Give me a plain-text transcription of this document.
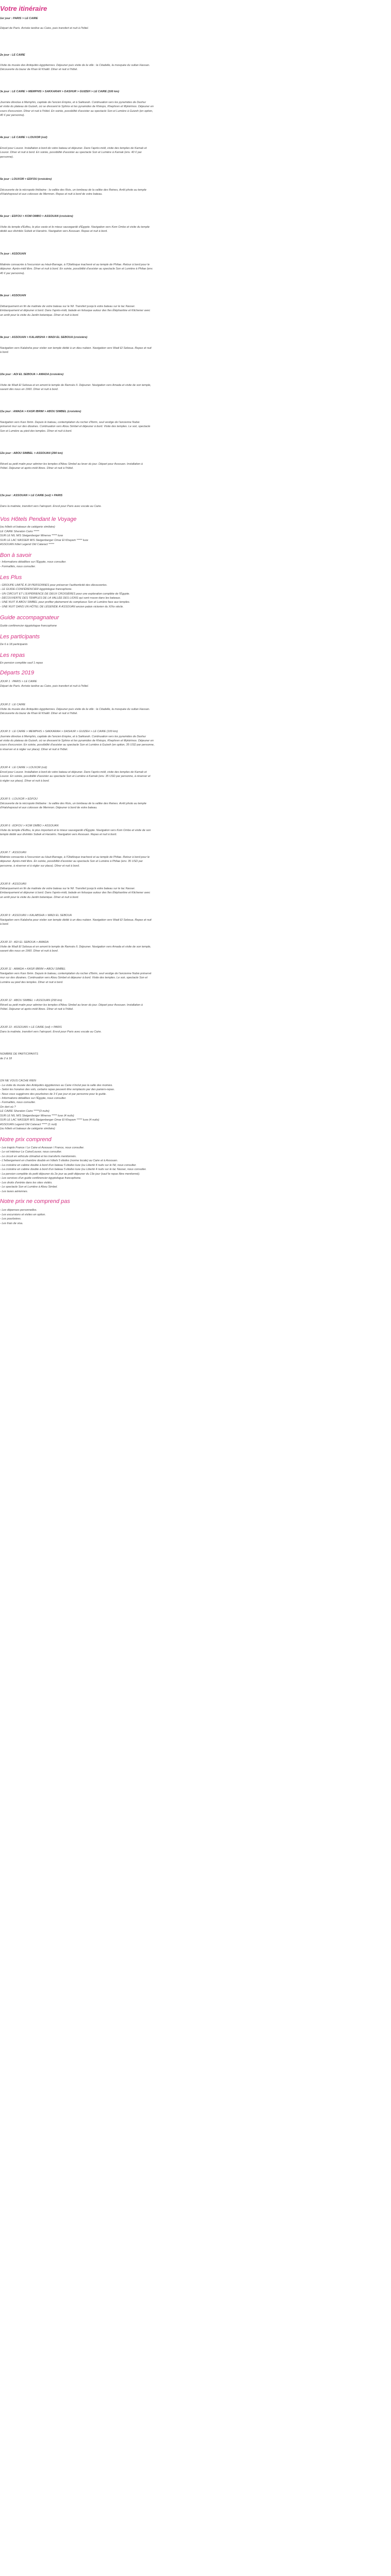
Votre itinéraire

1er jour : PARIS > LE CAIRE

Départ de Paris. Arrivée tardive au Caire, puis transfert et nuit à l'hôtel.

2e jour : LE CAIRE

Visite du musée des Antiquités égyptiennes. Déjeuner puis visite de la ville : la Citadelle, la mosquée du sultan Hassan.

Découverte du bazar de Khan El Khalili. Dîner et nuit à l'hôtel.

3e jour : LE CAIRE > MEMPHIS > SAKKARAH > DASHUR > GUIZEH > LE CAIRE (100 km)

Journée dévolue à Memphis, capitale de l'ancien Empire, et à Sakkarah. Continuation vers les pyramides de Dashur

et visite du plateau de Guizeh, où se dressent le Sphinx et les pyramides de Khéops, Khephren et Mykérinos. Déjeuner en

cours d'excursion. Dîner et nuit à l'hôtel. En soirée, possibilité d'assister au spectacle Son et Lumière à Guizeh (en option,

40 € par personne).

4e jour : LE CAIRE > LOUXOR (vol)

Envol pour Louxor. Installation à bord de votre bateau et déjeuner. Dans l'après-midi, visite des temples de Karnak et

Louxor. Dîner et nuit à bord. En soirée, possibilité d'assister au spectacle Son et Lumière à Karnak (env. 40 € par

personne).

5e jour : LOUXOR > EDFOU (croisière)

Découverte de la nécropole thébaine : la vallée des Rois, un tombeau de la vallée des Reines, Arrêt photo au temple

d'Hatshepsout et aux colosses de Memnon. Repas et nuit à bord de votre bateau.

6e jour : EDFOU > KOM OMBO > ASSOUAN (croisière)

Visite du temple d'Edfou, le plus vaste et le mieux sauvegardé d'Égypte. Navigation vers Kom Ombo et visite du temple

dédié aux divinités Sobek et Haroéris. Navigation vers Assouan. Repas et nuit à bord.

7e jour : ASSOUAN

Matinée consacrée à l'excursion au Haut-Barrage, à l'Obélisque inachevé et au temple de Philae. Retour à bord pour le

déjeuner. Après-midi libre. Dîner et nuit à bord. En soirée, possibilité d'assister au spectacle Son et Lumière à Philae (env.

40 € par personne).

8e jour : ASSOUAN

Débarquement en fin de matinée de votre bateau sur le Nil. Transfert jusqu'à votre bateau sur le lac Nasser.

Embarquement et déjeuner à bord. Dans l'après-midi, balade en felouque autour des îles Éléphantine et Kitchener avec

un arrêt pour la visite du Jardin botanique. Dîner et nuit à bord.

9e jour : ASSOUAN > KALABSHA > WADI EL SEBOUA (croisière)

Navigation vers Kalabsha pour visiter son temple dédié à un dieu nubien. Navigation vers Wadi El Seboua. Repas et nuit

à bord.

10e jour : ADI EL SEBOUA > AMADA (croisière)

Visite de Wadi El Seboua et en amont le temple de Ramsès II. Déjeuner. Navigation vers Amada et visite de son temple,

savant dès nous en 1960. Dîner et nuit à bord.

11e jour : AMADA > KASR IBRIM > ABOU SIMBEL (croisière)

Navigation vers Kasr Ibrim. Depuis le bateau, contemplation du rocher d'Ibrim, seul vestige de l'ancienne Nubie

préservé mur sur des dizaines. Continuation vers Abou Simbel et déjeuner à bord. Visite des temples. Le soir, spectacle

Son et Lumière au pied des temples. Dîner et nuit à bord.

12e jour : ABOU SIMBEL > ASSOUAN (290 km)

Réveil au petit matin pour admirer les temples d'Abou Simbel au lever du jour. Départ pour Assouan. Installation à

l'hôtel. Déjeuner et après-midi libres. Dîner et nuit à l'hôtel.

13e jour : ASSOUAN > LE CAIRE (vol) > PARIS

Dans la matinée, transfert vers l'aéroport. Envol pour Paris avec escale au Caire.

Vos Hôtels Pendant le Voyage

(ou hôtels et bateaux de catégorie similaire)

LE CAIRE Sheraton Cairo *****

SUR LE NIL M/S Steigenberger Minerva ***** luxe

SUR LE LAC NASSER M/S Steigenberger Omar El Khayam ***** luxe

ASSOUAN hôtel Legend Old Cataract *****

Bon à savoir

- Informations détaillées sur l'Égypte, nous consulter.

- Formalités, nous consulter.

Les Plus

- GROUPE LIMITÉ À 18 PERSONNES pour préserver l'authenticité des découvertes.

- LE GUIDE-CONFÉRENCIER égyptologue francophone.

- UN CIRCUIT ET L'EXPÉRIENCE DE DEUX CROISIÈRES pour une exploration complète de l'Égypte.

- DÉCOUVERTE DES TEMPLES DE LA VALLÉE DES LIONS qui sont rrouve dans les bateaux.

- UNE NUIT À ABOU SIMBEL pour profiter pleinement du somptueux Son et Lumière face aux temples.

- UNE NUIT DANS UN HÔTEL DE LÉGENDE À ASSOUAN ancien palais victorien du XIXe siècle.

Guide accompagnateur

Guide conférencier égyptologue francophone

Les participants

De 6 à 18 participants

Les repas

En pension complète sauf 1 repas

Départs 2019

JOUR 1 : PARIS > LE CAIRE

Départ de Paris. Arrivée tardive au Caire, puis transfert et nuit à l'hôtel.

JOUR 2 : LE CAIRE

Visite du musée des Antiquités égyptiennes. Déjeuner puis visite de la ville : la Citadelle, la mosquée du sultan Hassan.

Découverte du bazar de Khan El Khalili. Dîner et nuit à l'hôtel.

JOUR 3 : LE CAIRE > MEMPHIS > SAKKARAH > DASHUR > GUIZEH > LE CAIRE (100 km)

Journée dévolue à Memphis, capitale de l'ancien Empire, et à Sakkarah. Continuation vers les pyramides de Dashur

et visite du plateau de Guizeh, où se dressent le Sphinx et les pyramides de Khéops, Khephren et Mykérinos. Déjeuner en

cours d'excursion. En soirée, possibilité d'assister au spectacle Son et Lumière à Guizeh (en option, 35 USD par personne,

à réserver et à régler sur place). Dîner et nuit à l'hôtel.

JOUR 4 : LE CAIRE > LOUXOR (vol)

Envol pour Louxor. Installation à bord de votre bateau et déjeuner. Dans l'après-midi, visite des temples de Karnak et

Louxor. En soirée, possibilité d'assister au spectacle Son et Lumière à Karnak (env. 35 USD par personne, à réserver et

à régler sur place). Dîner et nuit à bord.

JOUR 5 : LOUXOR > EDFOU

Découverte de la nécropole thébaine : la vallée des Rois, un tombeau de la vallée des Reines. Arrêt photo au temple

d'Hatshepsout et aux colosses de Memnon. Déjeuner à bord de votre bateau.

JOUR 6 : EDFOU > KOM OMBO > ASSOUAN

Visite du temple d'Edfou, le plus important et le mieux sauvegardé d'Égypte. Navigation vers Kom Ombo et visite de son

temple dédié aux divinités Sobek et Haroéris. Navigation vers Assouan. Repas et nuit à bord.

JOUR 7 : ASSOUAN

Matinée consacrée à l'excursion au Haut-Barrage, à l'Obélisque inachevé et au temple de Philae. Retour à bord pour le

déjeuner. Après-midi libre. En soirée, possibilité d'assister au spectacle Son et Lumière à Philae (env. 35 USD par

personne, à réserver et à régler sur place). Dîner et nuit à bord.

JOUR 8 : ASSOUAN

Débarquement en fin de matinée de votre bateau sur le Nil. Transfert jusqu'à votre bateau sur le lac Nasser.

Embarquement et déjeuner à bord. Dans l'après-midi, balade en felouque autour des îles Éléphantine et Kitchener avec

un arrêt pour la visite du Jardin botanique. Dîner et nuit à bord.

JOUR 9 : ASSOUAN > KALABSHA > WADI EL SEBOUA

Navigation vers Kalabsha pour visiter son temple dédié à un dieu nubien. Navigation vers Wadi El Seboua. Repas et nuit

à bord.

JOUR 10 : ADI EL SEBOUA > AMADA

Visite de Wadi El Seboua et en amont le temple de Ramsès II. Déjeuner. Navigation vers Amada et visite de son temple,

savant dès nous en 1960. Dîner et nuit à bord.

JOUR 11 : AMADA > KASR IBRIM > ABOU SIMBEL

Navigation vers Kasr Ibrim. Depuis le bateau, contemplation du rocher d'Ibrim, seul vestige de l'ancienne Nubie préservé

mur sur des dizaines. Continuation vers Abou Simbel et déjeuner à bord. Visite des temples. Le soir, spectacle Son et

Lumière au pied des temples. Dîner et nuit à bord.

JOUR 12 : ABOU SIMBEL > ASSOUAN (290 km)

Réveil au petit matin pour admirer les temples d'Abou Simbel au lever du jour. Départ pour Assouan. Installation à

l'hôtel. Déjeuner et après-midi libres. Dîner et nuit à l'hôtel.

JOUR 13 : ASSOUAN > LE CAIRE (vol) > PARIS

Dans la matinée, transfert vers l'aéroport. Envol pour Paris avec escale au Caire.

NOMBRE DE PARTICIPANTS

de 2 à 18

ON NE VOUS CACHE RIEN

- La visite du musée des Antiquités égyptiennes au Caire n'inclut pas la salle des momies.

- Selon les horaires des vols, certains repas peuvent être remplacés par des paniers-repas.

- Nous vous suggérons des pourboires de 3 € par jour et par personne pour le guide.

- Informations détaillées sur l'Égypte, nous consulter.

- Formalités, nous consulter.

On dort où ?

LE CAIRE Sheraton Cairo *****(3 nuits)

SUR LE NIL M/S Steigenberger Minerva ***** luxe (4 nuits)

SUR LE LAC NASSER M/S Steigenberger Omar El Khayam ***** luxe (4 nuits)

ASSOUAN Legend Old Cataract ***** (1 nuit)

(ou hôtels et bateaux de catégorie similaire)

Notre prix comprend

- Les trajets France / Le Caire et Assouan / France, nous consulter.

- Le vol intérieur Le Caire/Louxor, nous consulter.

- Le circuit en véhicule climatisé et les transferts mentionnés.

- L'hébergement en chambre double en hôtels 5 étoiles (norme locale) au Caire et à Assouan.

- La croisière en cabine double à bord d'un bateau 5 étoiles luxe (ou Liberté 4 nuits sur le Nil, nous consulter.

- La croisière en cabine double à bord d'un bateau 5 étoiles luxe (ou Liberté 4 nuits sur le lac Nasser, nous consulter.

- La pension complète du petit déjeuner du 2e jour au petit déjeuner du 13e jour (sauf le repas libre mentionné).

- Les services d'un guide conférencier égyptologue francophone.

- Les droits d'entrée dans les sites visités.

- Le spectacle Son et Lumière à Abou Simbel.

- Les taxes aériennes.

Notre prix ne comprend pas

- Les dépenses personnelles.

- Les excursions et visites en option.

- Les pourboires.

- Les frais de visa.
